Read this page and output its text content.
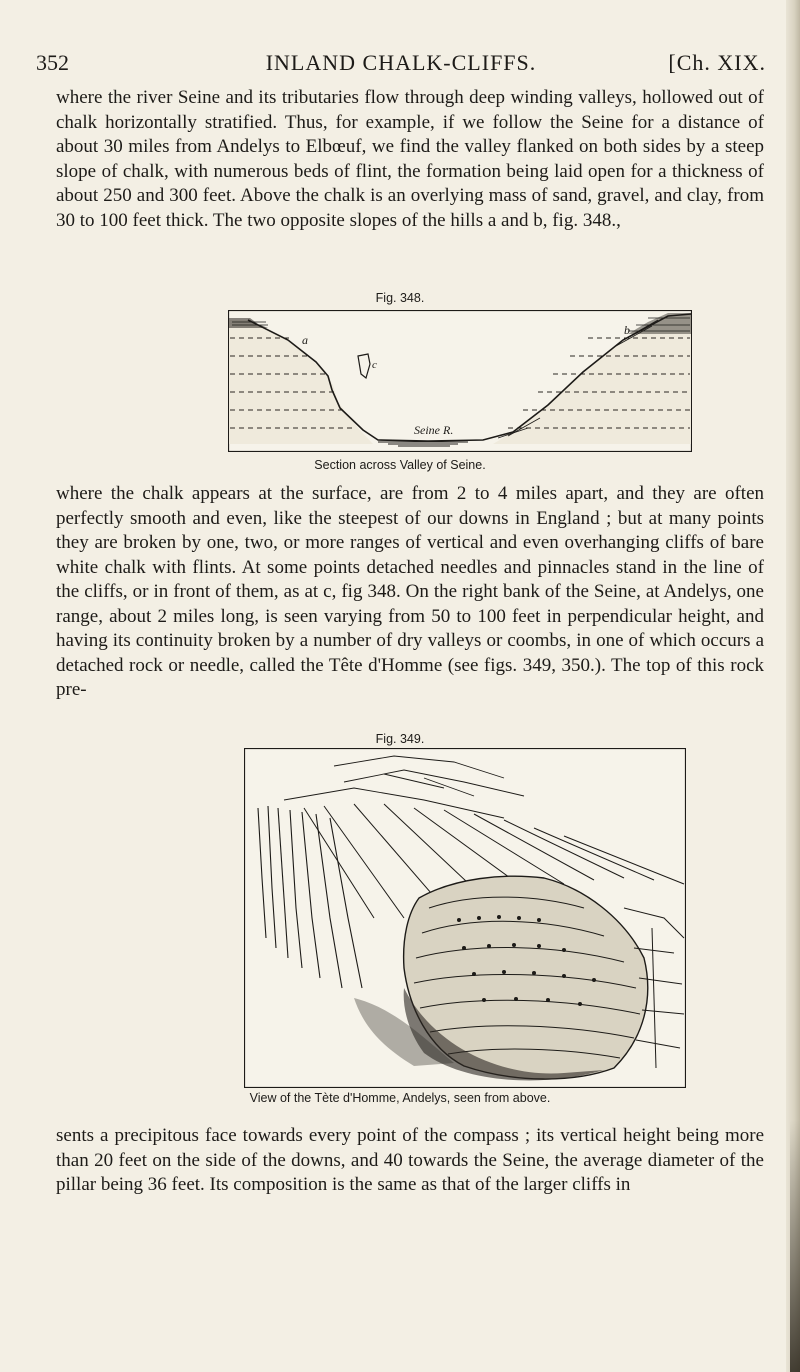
352	INLAND CHALK-CLIFFS.	[Ch. XIX.

where the river Seine and its tributaries flow through deep winding valleys, hollowed out of chalk horizontally stratified. Thus, for example, if we follow the Seine for a distance of about 30 miles from Andelys to Elbœuf, we find the valley flanked on both sides by a steep slope of chalk, with numerous beds of flint, the formation being laid open for a thickness of about 250 and 300 feet. Above the chalk is an overlying mass of sand, gravel, and clay, from 30 to 100 feet thick. The two opposite slopes of the hills a and b, fig. 348.,

Fig. 348.
a
b
c
Seine R.
Section across Valley of Seine.

where the chalk appears at the surface, are from 2 to 4 miles apart, and they are often perfectly smooth and even, like the steepest of our downs in England ; but at many points they are broken by one, two, or more ranges of vertical and even overhanging cliffs of bare white chalk with flints. At some points detached needles and pinnacles stand in the line of the cliffs, or in front of them, as at c, fig 348. On the right bank of the Seine, at Andelys, one range, about 2 miles long, is seen varying from 50 to 100 feet in perpendicular height, and having its continuity broken by a number of dry valleys or coombs, in one of which occurs a detached rock or needle, called the Tête d'Homme (see figs. 349, 350.). The top of this rock pre-

Fig. 349.
View of the Tète d'Homme, Andelys, seen from above.

sents a precipitous face towards every point of the compass ; its vertical height being more than 20 feet on the side of the downs, and 40 towards the Seine, the average diameter of the pillar being 36 feet. Its composition is the same as that of the larger cliffs in
